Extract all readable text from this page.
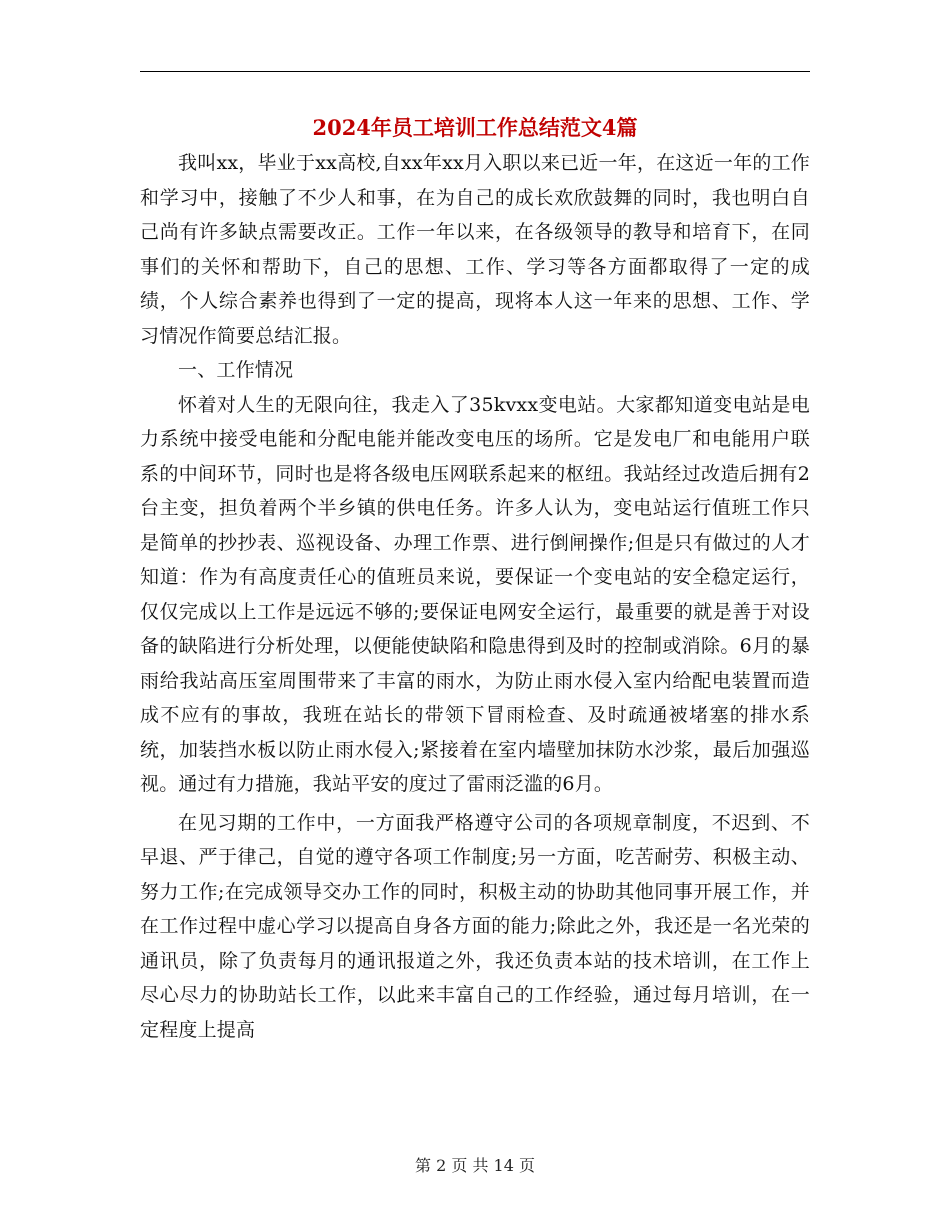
2024年员工培训工作总结范文4篇

我叫xx，毕业于xx高校,自xx年xx月入职以来已近一年，在这近一年的工作和学习中，接触了不少人和事，在为自己的成长欢欣鼓舞的同时，我也明白自己尚有许多缺点需要改正。工作一年以来，在各级领导的教导和培育下，在同事们的关怀和帮助下，自己的思想、工作、学习等各方面都取得了一定的成绩，个人综合素养也得到了一定的提高，现将本人这一年来的思想、工作、学习情况作简要总结汇报。

一、工作情况

怀着对人生的无限向往，我走入了35kvxx变电站。大家都知道变电站是电力系统中接受电能和分配电能并能改变电压的场所。它是发电厂和电能用户联系的中间环节，同时也是将各级电压网联系起来的枢纽。我站经过改造后拥有2台主变，担负着两个半乡镇的供电任务。许多人认为，变电站运行值班工作只是简单的抄抄表、巡视设备、办理工作票、进行倒闸操作;但是只有做过的人才知道：作为有高度责任心的值班员来说，要保证一个变电站的安全稳定运行，仅仅完成以上工作是远远不够的;要保证电网安全运行，最重要的就是善于对设备的缺陷进行分析处理，以便能使缺陷和隐患得到及时的控制或消除。6月的暴雨给我站高压室周围带来了丰富的雨水，为防止雨水侵入室内给配电装置而造成不应有的事故，我班在站长的带领下冒雨检查、及时疏通被堵塞的排水系统，加装挡水板以防止雨水侵入;紧接着在室内墙壁加抹防水沙浆，最后加强巡视。通过有力措施，我站平安的度过了雷雨泛滥的6月。

在见习期的工作中，一方面我严格遵守公司的各项规章制度，不迟到、不早退、严于律己，自觉的遵守各项工作制度;另一方面，吃苦耐劳、积极主动、努力工作;在完成领导交办工作的同时，积极主动的协助其他同事开展工作，并在工作过程中虚心学习以提高自身各方面的能力;除此之外，我还是一名光荣的通讯员，除了负责每月的通讯报道之外，我还负责本站的技术培训，在工作上尽心尽力的协助站长工作，以此来丰富自己的工作经验，通过每月培训，在一定程度上提高

第 2 页 共 14 页
